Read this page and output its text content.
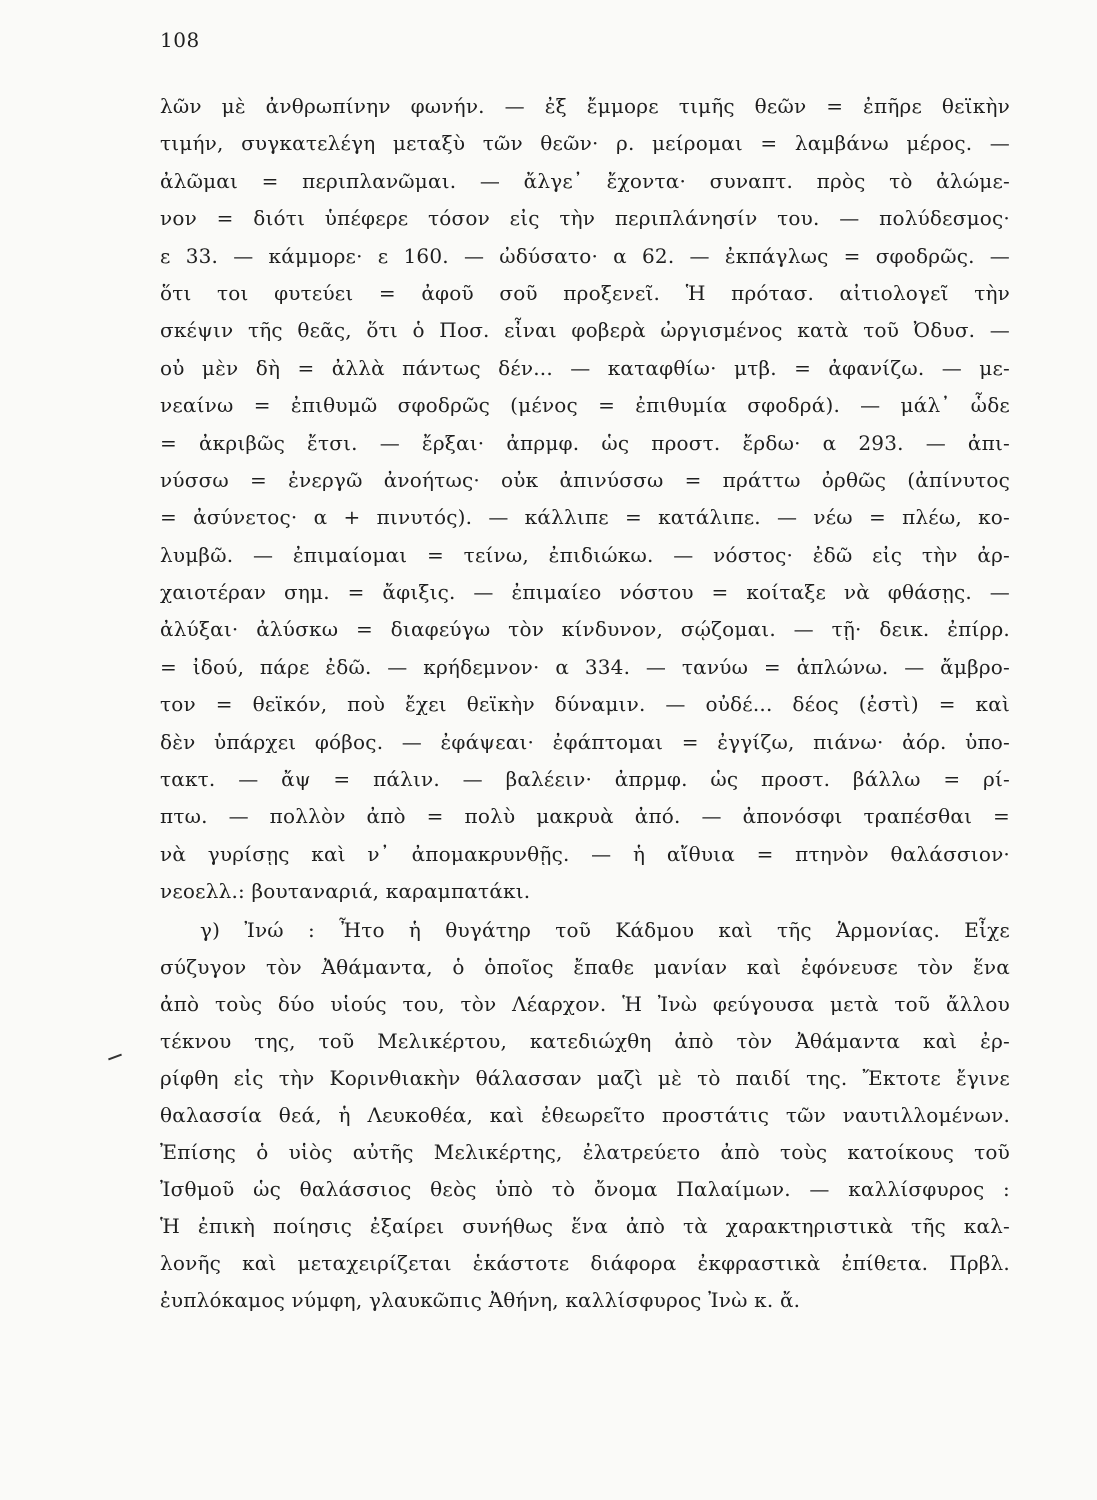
108
λῶν μὲ ἀνθρωπίνην φωνήν. — ἐξ ἔμμορε τιμῆς θεῶν = ἐπῆρε θεϊκὴν
τιμήν, συγκατελέγη μεταξὺ τῶν θεῶν· ρ. μείρομαι = λαμβάνω μέρος. —
ἀλῶμαι = περιπλανῶμαι. — ἄλγε᾽ ἔχοντα· συναπτ. πρὸς τὸ ἀλώμε-
νον = διότι ὑπέφερε τόσον εἰς τὴν περιπλάνησίν του. — πολύδεσμος·
ε 33. — κάμμορε· ε 160. — ὠδύσατο· α 62. — ἐκπάγλως = σφοδρῶς. —
ὅτι τοι φυτεύει = ἀφοῦ σοῦ προξενεῖ. Ἡ πρότασ. αἰτιολογεῖ τὴν
σκέψιν τῆς θεᾶς, ὅτι ὁ Ποσ. εἶναι φοβερὰ ὠργισμένος κατὰ τοῦ Ὀδυσ. —
οὐ μὲν δὴ = ἀλλὰ πάντως δέν... — καταφθίω· μτβ. = ἀφανίζω. — με-
νεαίνω = ἐπιθυμῶ σφοδρῶς (μένος = ἐπιθυμία σφοδρά). — μάλ᾽ ὧδε
= ἀκριβῶς ἔτσι. — ἔρξαι· ἀπρμφ. ὡς προστ. ἔρδω· α 293. — ἀπι-
νύσσω = ἐνεργῶ ἀνοήτως· οὐκ ἀπινύσσω = πράττω ὀρθῶς (ἀπίνυτος
= ἀσύνετος· α + πινυτός). — κάλλιπε = κατάλιπε. — νέω = πλέω, κο-
λυμβῶ. — ἐπιμαίομαι = τείνω, ἐπιδιώκω. — νόστος· ἐδῶ εἰς τὴν ἀρ-
χαιοτέραν σημ. = ἄφιξις. — ἐπιμαίεο νόστου = κοίταξε νὰ φθάσῃς. —
ἀλύξαι· ἀλύσκω = διαφεύγω τὸν κίνδυνον, σῴζομαι. — τῇ· δεικ. ἐπίρρ.
= ἰδού, πάρε ἐδῶ. — κρήδεμνον· α 334. — τανύω = ἁπλώνω. — ἄμβρο-
τον = θεϊκόν, ποὺ ἔχει θεϊκὴν δύναμιν. — οὐδέ... δέος (ἐστὶ) = καὶ
δὲν ὑπάρχει φόβος. — ἐφάψεαι· ἐφάπτομαι = ἐγγίζω, πιάνω· ἀόρ. ὑπο-
τακτ. — ἄψ = πάλιν. — βαλέειν· ἀπρμφ. ὡς προστ. βάλλω = ρί-
πτω. — πολλὸν ἀπὸ = πολὺ μακρυὰ ἀπό. — ἀπονόσφι τραπέσθαι =
νὰ γυρίσῃς καὶ ν᾽ ἀπομακρυνθῇς. — ἡ αἴθυια = πτηνὸν θαλάσσιον·
νεοελλ.: βουταναριά, καραμπατάκι.
γ) Ἰνώ : Ἦτο ἡ θυγάτηρ τοῦ Κάδμου καὶ τῆς Ἁρμονίας. Εἶχε
σύζυγον τὸν Ἀθάμαντα, ὁ ὁποῖος ἔπαθε μανίαν καὶ ἐφόνευσε τὸν ἕνα
ἀπὸ τοὺς δύο υἱούς του, τὸν Λέαρχον. Ἡ Ἰνὼ φεύγουσα μετὰ τοῦ ἄλλου
τέκνου της, τοῦ Μελικέρτου, κατεδιώχθη ἀπὸ τὸν Ἀθάμαντα καὶ ἐρ-
ρίφθη εἰς τὴν Κορινθιακὴν θάλασσαν μαζὶ μὲ τὸ παιδί της. Ἔκτοτε ἔγινε
θαλασσία θεά, ἡ Λευκοθέα, καὶ ἐθεωρεῖτο προστάτις τῶν ναυτιλλομένων.
Ἐπίσης ὁ υἱὸς αὐτῆς Μελικέρτης, ἐλατρεύετο ἀπὸ τοὺς κατοίκους τοῦ
Ἰσθμοῦ ὡς θαλάσσιος θεὸς ὑπὸ τὸ ὄνομα Παλαίμων. — καλλίσφυρος :
Ἡ ἐπικὴ ποίησις ἐξαίρει συνήθως ἕνα ἀπὸ τὰ χαρακτηριστικὰ τῆς καλ-
λονῆς καὶ μεταχειρίζεται ἑκάστοτε διάφορα ἐκφραστικὰ ἐπίθετα. Πρβλ.
ἐυπλόκαμος νύμφη, γλαυκῶπις Ἀθήνη, καλλίσφυρος Ἰνὼ κ. ἄ.
